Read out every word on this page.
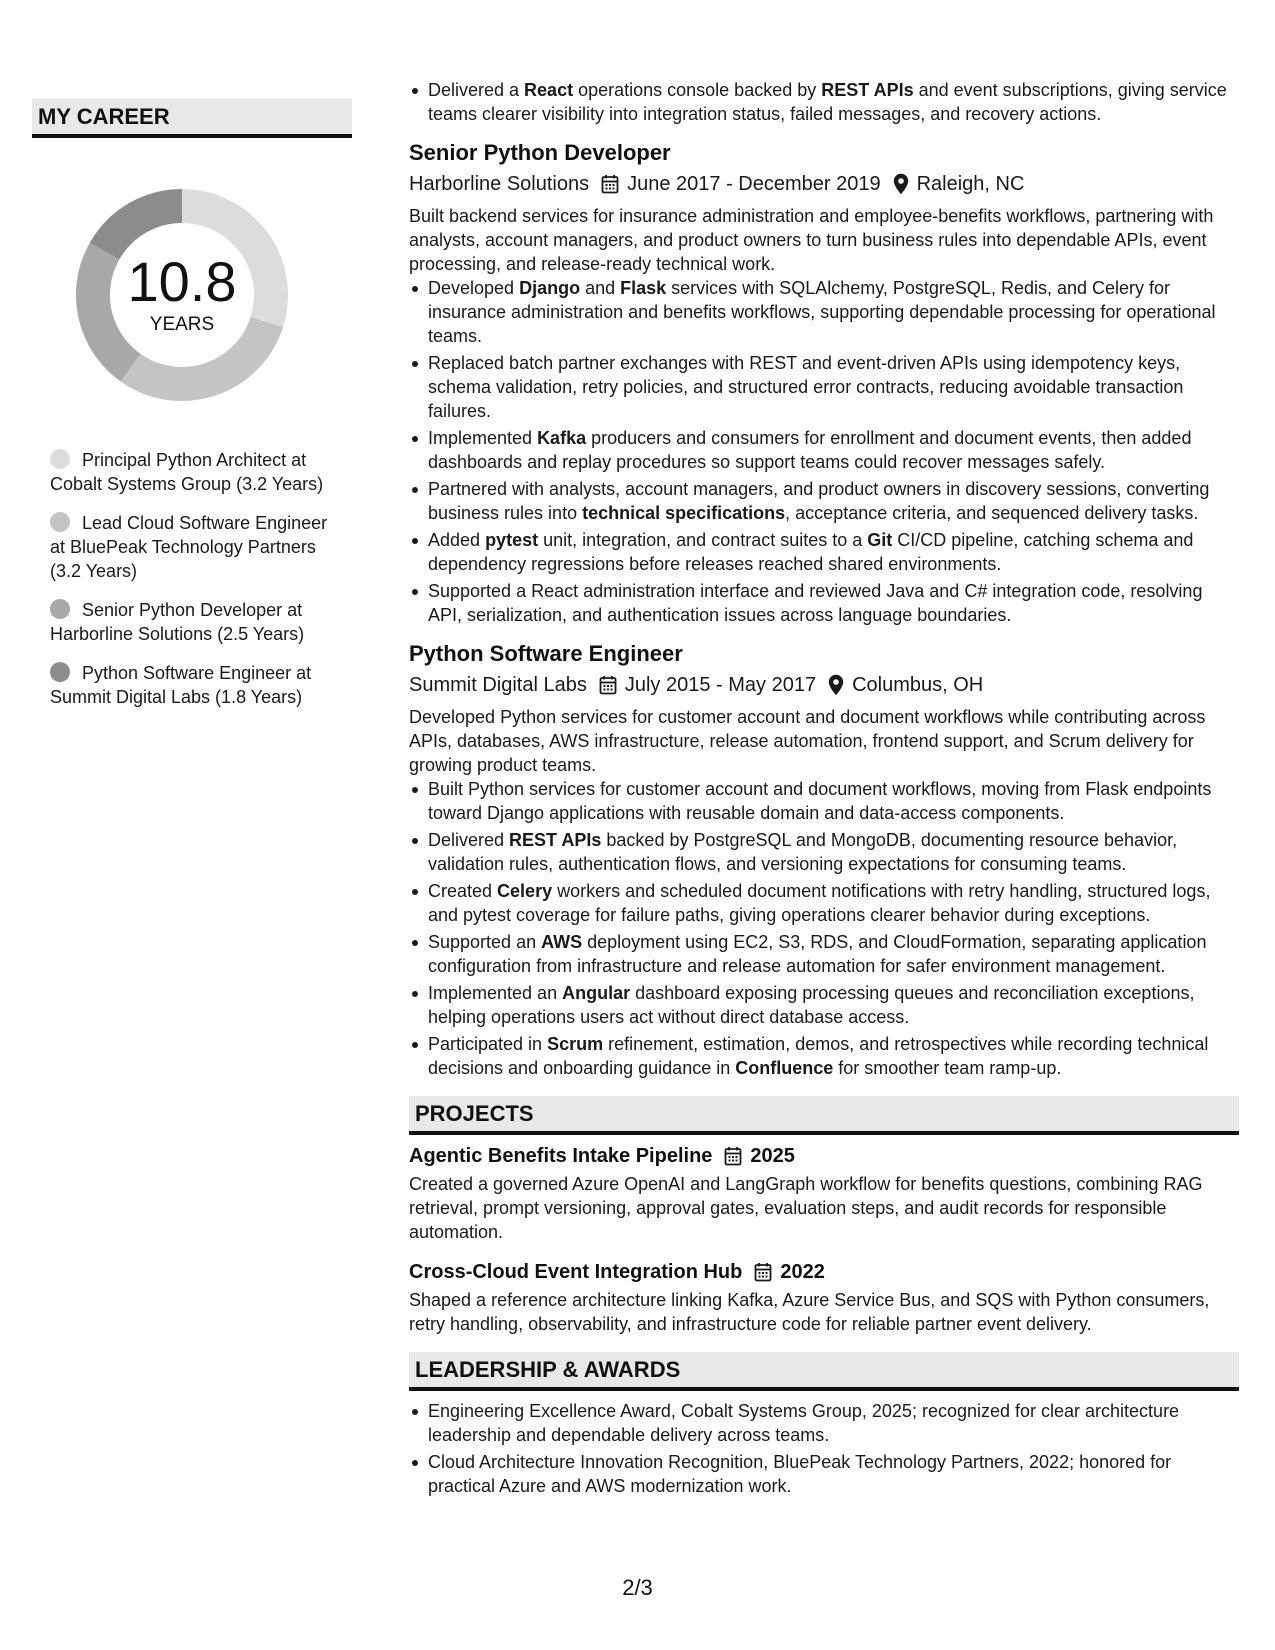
MY CAREER
10.8
YEARS
Principal Python Architect at Cobalt Systems Group (3.2 Years)
Lead Cloud Software Engineer at BluePeak Technology Partners (3.2 Years)
Senior Python Developer at Harborline Solutions (2.5 Years)
Python Software Engineer at Summit Digital Labs (1.8 Years)
Delivered a React operations console backed by REST APIs and event subscriptions, giving service teams clearer visibility into integration status, failed messages, and recovery actions.
Senior Python Developer
Harborline Solutions June 2017 - December 2019 Raleigh, NC
Built backend services for insurance administration and employee-benefits workflows, partnering with analysts, account managers, and product owners to turn business rules into dependable APIs, event processing, and release-ready technical work.
Developed Django and Flask services with SQLAlchemy, PostgreSQL, Redis, and Celery for insurance administration and benefits workflows, supporting dependable processing for operational teams.
Replaced batch partner exchanges with REST and event-driven APIs using idempotency keys, schema validation, retry policies, and structured error contracts, reducing avoidable transaction failures.
Implemented Kafka producers and consumers for enrollment and document events, then added dashboards and replay procedures so support teams could recover messages safely.
Partnered with analysts, account managers, and product owners in discovery sessions, converting business rules into technical specifications, acceptance criteria, and sequenced delivery tasks.
Added pytest unit, integration, and contract suites to a Git CI/CD pipeline, catching schema and dependency regressions before releases reached shared environments.
Supported a React administration interface and reviewed Java and C# integration code, resolving API, serialization, and authentication issues across language boundaries.
Python Software Engineer
Summit Digital Labs July 2015 - May 2017 Columbus, OH
Developed Python services for customer account and document workflows while contributing across APIs, databases, AWS infrastructure, release automation, frontend support, and Scrum delivery for growing product teams.
Built Python services for customer account and document workflows, moving from Flask endpoints toward Django applications with reusable domain and data-access components.
Delivered REST APIs backed by PostgreSQL and MongoDB, documenting resource behavior, validation rules, authentication flows, and versioning expectations for consuming teams.
Created Celery workers and scheduled document notifications with retry handling, structured logs, and pytest coverage for failure paths, giving operations clearer behavior during exceptions.
Supported an AWS deployment using EC2, S3, RDS, and CloudFormation, separating application configuration from infrastructure and release automation for safer environment management.
Implemented an Angular dashboard exposing processing queues and reconciliation exceptions, helping operations users act without direct database access.
Participated in Scrum refinement, estimation, demos, and retrospectives while recording technical decisions and onboarding guidance in Confluence for smoother team ramp-up.
PROJECTS
Agentic Benefits Intake Pipeline 2025
Created a governed Azure OpenAI and LangGraph workflow for benefits questions, combining RAG retrieval, prompt versioning, approval gates, evaluation steps, and audit records for responsible automation.
Cross-Cloud Event Integration Hub 2022
Shaped a reference architecture linking Kafka, Azure Service Bus, and SQS with Python consumers, retry handling, observability, and infrastructure code for reliable partner event delivery.
LEADERSHIP & AWARDS
Engineering Excellence Award, Cobalt Systems Group, 2025; recognized for clear architecture leadership and dependable delivery across teams.
Cloud Architecture Innovation Recognition, BluePeak Technology Partners, 2022; honored for practical Azure and AWS modernization work.
2/3
